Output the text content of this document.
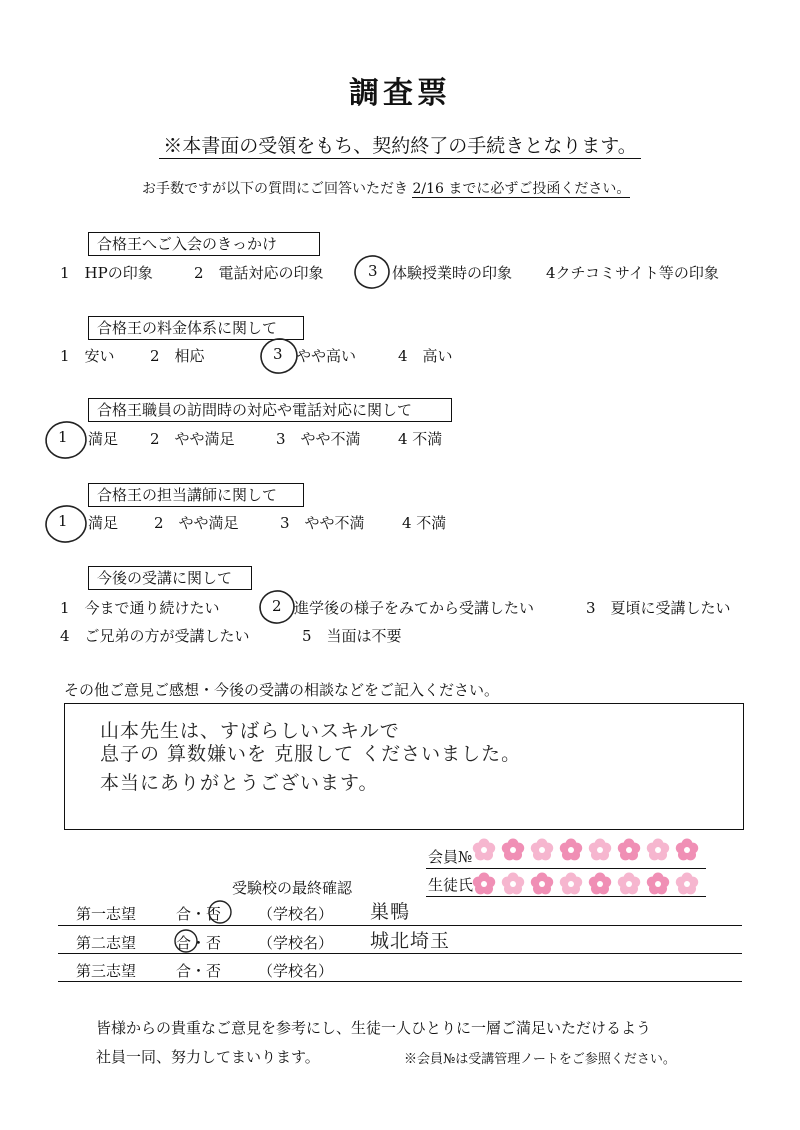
調査票
※本書面の受領をもち、契約終了の手続きとなります。
お手数ですが以下の質問にご回答いただき 2/16 までに必ずご投函ください。
合格王へご入会のきっかけ
1　HPの印象	2　電話対応の印象	3 体験授業時の印象 4クチコミサイト等の印象
合格王の料金体系に関して
1　安い 2　相応	3 やや高い	4　高い
合格王職員の訪問時の対応や電話対応に関して
1 満足 2　やや満足	3　やや不満 4 不満
合格王の担当講師に関して
1 満足 2　やや満足	3　やや不満 4 不満
今後の受講に関して
1　今まで通り続けたい	2 進学後の様子をみてから受講したい	3　夏頃に受講したい
4　ご兄弟の方が受講したい	5　当面は不要
その他ご意見ご感想・今後の受講の相談などをご記入ください。
山本先生は、すばらしいスキルで
息子の 算数嫌いを 克服して くださいました。
本当にありがとうございます。
会員№
生徒氏
受験校の最終確認
第一志望	合・否 （学校名） 巣鴨
第二志望	合・否 （学校名） 城北埼玉
第三志望	合・否 （学校名）
皆様からの貴重なご意見を参考にし、生徒一人ひとりに一層ご満足いただけるよう
社員一同、努力してまいります。	※会員№は受講管理ノートをご参照ください。
